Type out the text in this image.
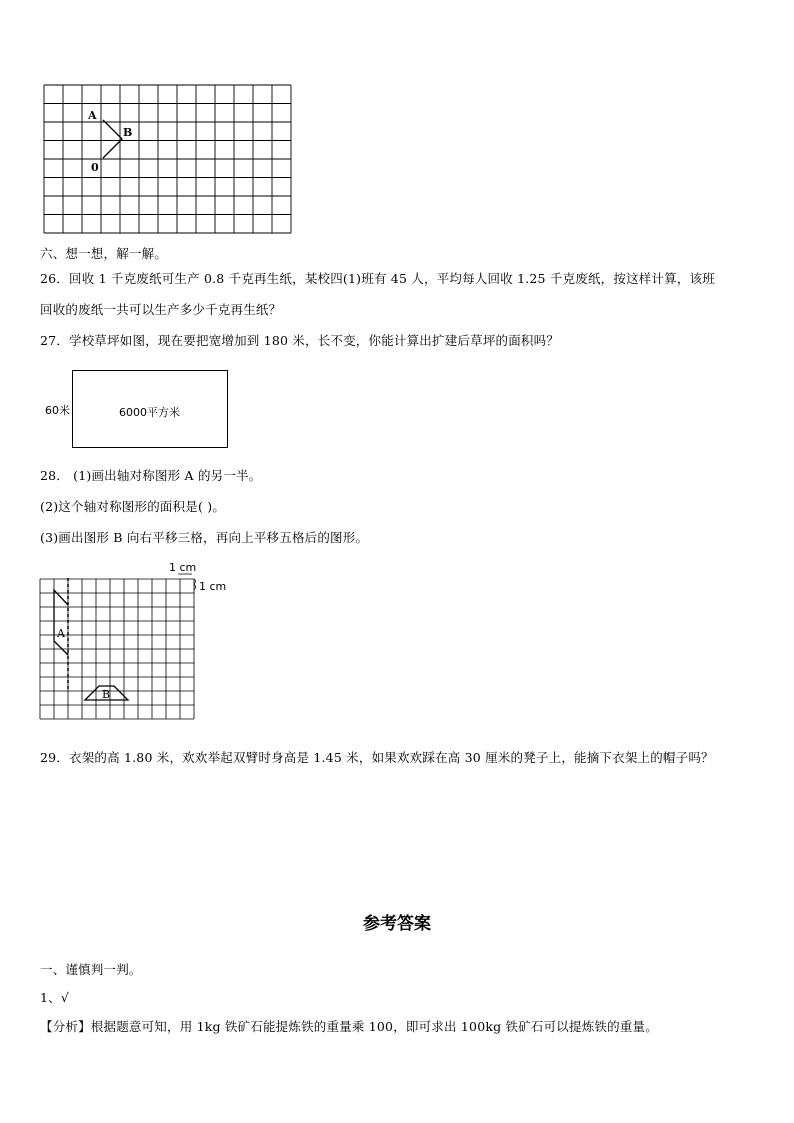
A
B
0
六、想一想，解一解。
26．回收 1 千克废纸可生产 0.8 千克再生纸，某校四(1)班有 45 人，平均每人回收 1.25 千克废纸，按这样计算，该班
回收的废纸一共可以生产多少千克再生纸？
27．学校草坪如图，现在要把宽增加到 180 米，长不变，你能计算出扩建后草坪的面积吗？
60米	6000平方米
28． (1)画出轴对称图形 A 的另一半。
(2)这个轴对称图形的面积是( )。
(3)画出图形 B 向右平移三格，再向上平移五格后的图形。
A
B
1 cm
1 cm
29．衣架的高 1.80 米，欢欢举起双臂时身高是 1.45 米，如果欢欢踩在高 30 厘米的凳子上，能摘下衣架上的帽子吗？
参考答案
一、谨慎判一判。
1、√
【分析】根据题意可知，用 1kg 铁矿石能提炼铁的重量乘 100，即可求出 100kg 铁矿石可以提炼铁的重量。
